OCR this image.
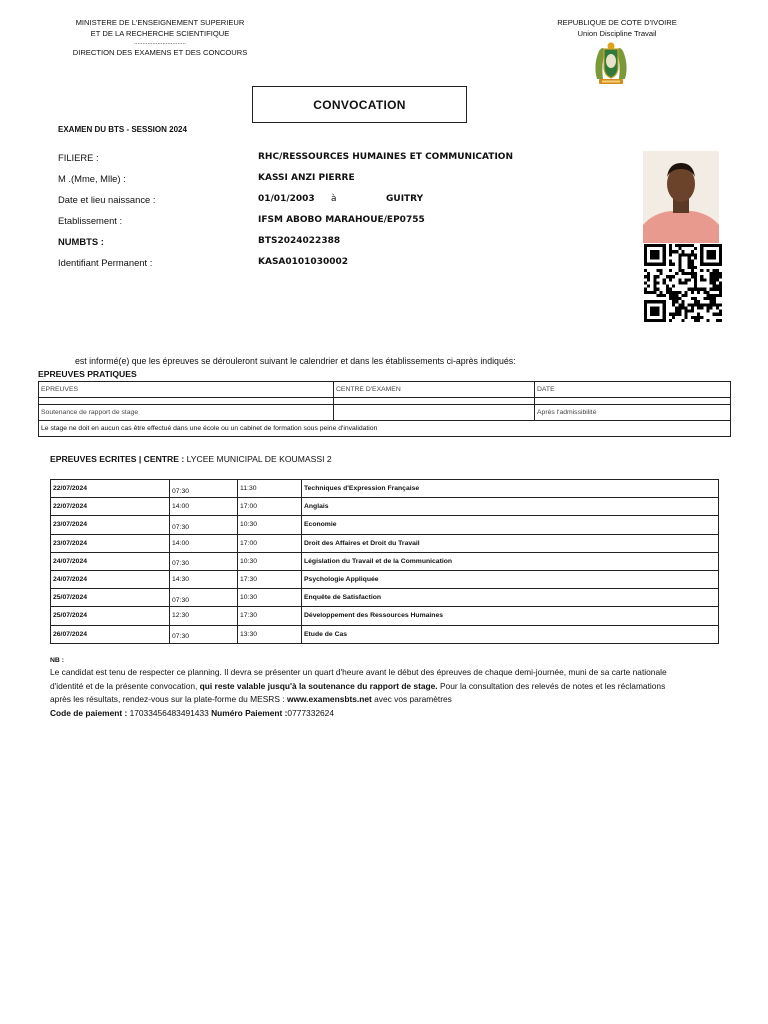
MINISTERE DE L'ENSEIGNEMENT SUPERIEUR
ET DE LA RECHERCHE SCIENTIFIQUE
...............................
DIRECTION DES EXAMENS ET DES CONCOURS
REPUBLIQUE DE COTE D'IVOIRE
Union Discipline Travail
CONVOCATION
EXAMEN DU BTS - SESSION 2024
FILIERE :	RHC/RESSOURCES HUMAINES ET COMMUNICATION
M .(Mme, Mlle) :	KASSI ANZI PIERRE
Date et lieu naissance :	01/01/2003 à	GUITRY
Etablissement :	IFSM ABOBO MARAHOUE/EP0755
NUMBTS :	BTS2024022388
Identifiant Permanent :	KASA0101030002
est informé(e) que les épreuves se dérouleront suivant le calendrier et dans les établissements ci-après indiqués:
EPREUVES PRATIQUES
EPREUVES	CENTRE D'EXAMEN	DATE

Soutenance de rapport de stage		Après l'admissibilité
Le stage ne doit en aucun cas être effectué dans une école ou un cabinet de formation sous peine d'invalidation		
EPREUVES ECRITES | CENTRE : LYCEE MUNICIPAL DE KOUMASSI 2
22/07/2024	07:30	11:30	Techniques d'Expression Française
22/07/2024	14:00	17:00	Anglais
23/07/2024	07:30	10:30	Economie
23/07/2024	14:00	17:00	Droit des Affaires et Droit du Travail
24/07/2024	07:30	10:30	Législation du Travail et de la Communication
24/07/2024	14:30	17:30	Psychologie Appliquée
25/07/2024	07:30	10:30	Enquête de Satisfaction
25/07/2024	12:30	17:30	Développement des Ressources Humaines
26/07/2024	07:30	13:30	Etude de Cas
NB :
Le candidat est tenu de respecter ce planning. Il devra se présenter un quart d'heure avant le début des épreuves de chaque demi-journée, muni de sa carte nationale d'identité et de la présente convocation, qui reste valable jusqu'à la soutenance du rapport de stage. Pour la consultation des relevés de notes et les réclamations après les résultats, rendez-vous sur la plate-forme du MESRS : www.examensbts.net avec vos paramètres
Code de paiement : 17033456483491433 Numéro Paiement :0777332624
